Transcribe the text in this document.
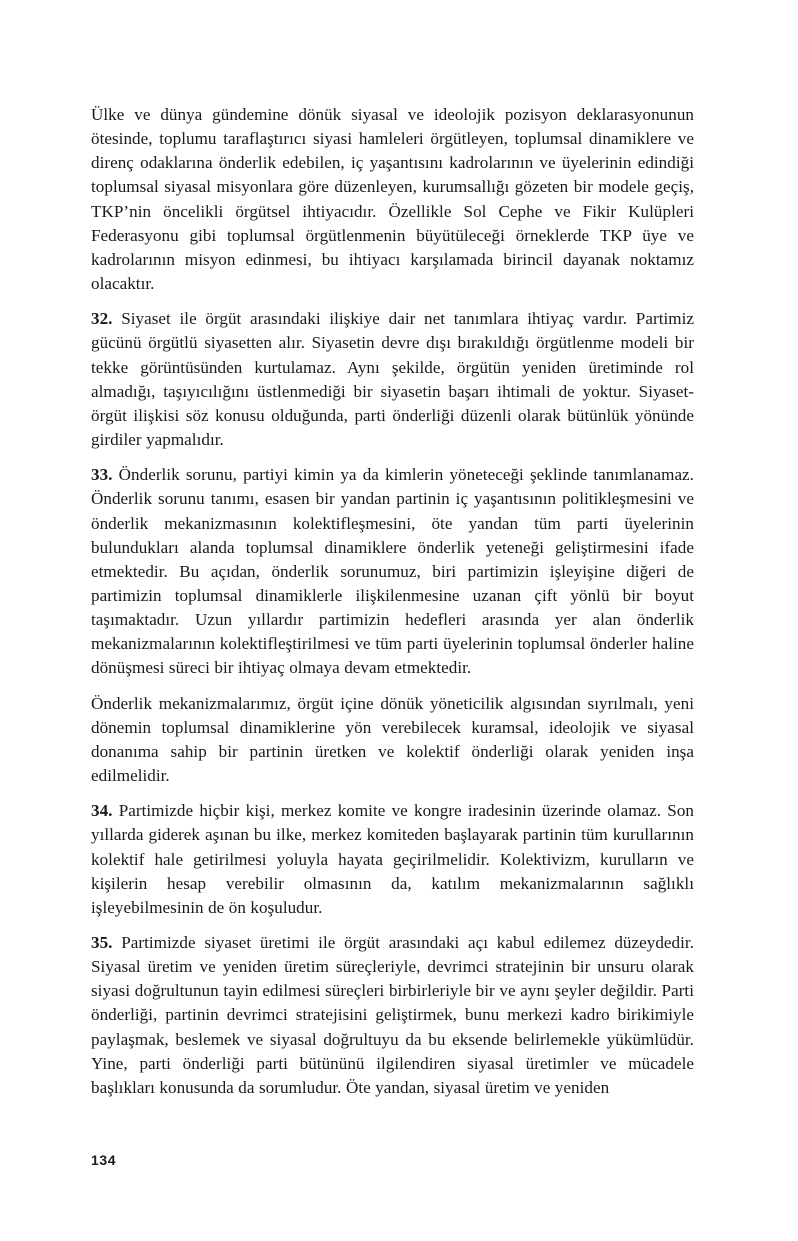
Ülke ve dünya gündemine dönük siyasal ve ideolojik pozisyon deklarasyonunun ötesinde, toplumu taraflaştırıcı siyasi hamleleri örgütleyen, toplumsal dinamiklere ve direnç odaklarına önderlik edebilen, iç yaşantısını kadrolarının ve üyelerinin edindiği toplumsal siyasal misyonlara göre düzenleyen, kurumsallığı gözeten bir modele geçiş, TKP’nin öncelikli örgütsel ihtiyacıdır. Özellikle Sol Cephe ve Fikir Kulüpleri Federasyonu gibi toplumsal örgütlenmenin büyütüleceği örneklerde TKP üye ve kadrolarının misyon edinmesi, bu ihtiyacı karşılamada birincil dayanak noktamız olacaktır.

32. Siyaset ile örgüt arasındaki ilişkiye dair net tanımlara ihtiyaç vardır. Partimiz gücünü örgütlü siyasetten alır. Siyasetin devre dışı bırakıldığı örgütlenme modeli bir tekke görüntüsünden kurtulamaz. Aynı şekilde, örgütün yeniden üretiminde rol almadığı, taşıyıcılığını üstlenmediği bir siyasetin başarı ihtimali de yoktur. Siyaset-örgüt ilişkisi söz konusu olduğunda, parti önderliği düzenli olarak bütünlük yönünde girdiler yapmalıdır.

33. Önderlik sorunu, partiyi kimin ya da kimlerin yöneteceği şeklinde tanımlanamaz. Önderlik sorunu tanımı, esasen bir yandan partinin iç yaşantısının politikleşmesini ve önderlik mekanizmasının kolektifleşmesini, öte yandan tüm parti üyelerinin bulundukları alanda toplumsal dinamiklere önderlik yeteneği geliştirmesini ifade etmektedir. Bu açıdan, önderlik sorunumuz, biri partimizin işleyişine diğeri de partimizin toplumsal dinamiklerle ilişkilenmesine uzanan çift yönlü bir boyut taşımaktadır. Uzun yıllardır partimizin hedefleri arasında yer alan önderlik mekanizmalarının kolektifleştirilmesi ve tüm parti üyelerinin toplumsal önderler haline dönüşmesi süreci bir ihtiyaç olmaya devam etmektedir.

Önderlik mekanizmalarımız, örgüt içine dönük yöneticilik algısından sıyrılmalı, yeni dönemin toplumsal dinamiklerine yön verebilecek kuramsal, ideolojik ve siyasal donanıma sahip bir partinin üretken ve kolektif önderliği olarak yeniden inşa edilmelidir.

34. Partimizde hiçbir kişi, merkez komite ve kongre iradesinin üzerinde olamaz. Son yıllarda giderek aşınan bu ilke, merkez komiteden başlayarak partinin tüm kurullarının kolektif hale getirilmesi yoluyla hayata geçirilmelidir. Kolektivizm, kurulların ve kişilerin hesap verebilir olmasının da, katılım mekanizmalarının sağlıklı işleyebilmesinin de ön koşuludur.

35. Partimizde siyaset üretimi ile örgüt arasındaki açı kabul edilemez düzeydedir. Siyasal üretim ve yeniden üretim süreçleriyle, devrimci stratejinin bir unsuru olarak siyasi doğrultunun tayin edilmesi süreçleri birbirleriyle bir ve aynı şeyler değildir. Parti önderliği, partinin devrimci stratejisini geliştirmek, bunu merkezi kadro birikimiyle paylaşmak, beslemek ve siyasal doğrultuyu da bu eksende belirlemekle yükümlüdür. Yine, parti önderliği parti bütününü ilgilendiren siyasal üretimler ve mücadele başlıkları konusunda da sorumludur. Öte yandan, siyasal üretim ve yeniden

134
